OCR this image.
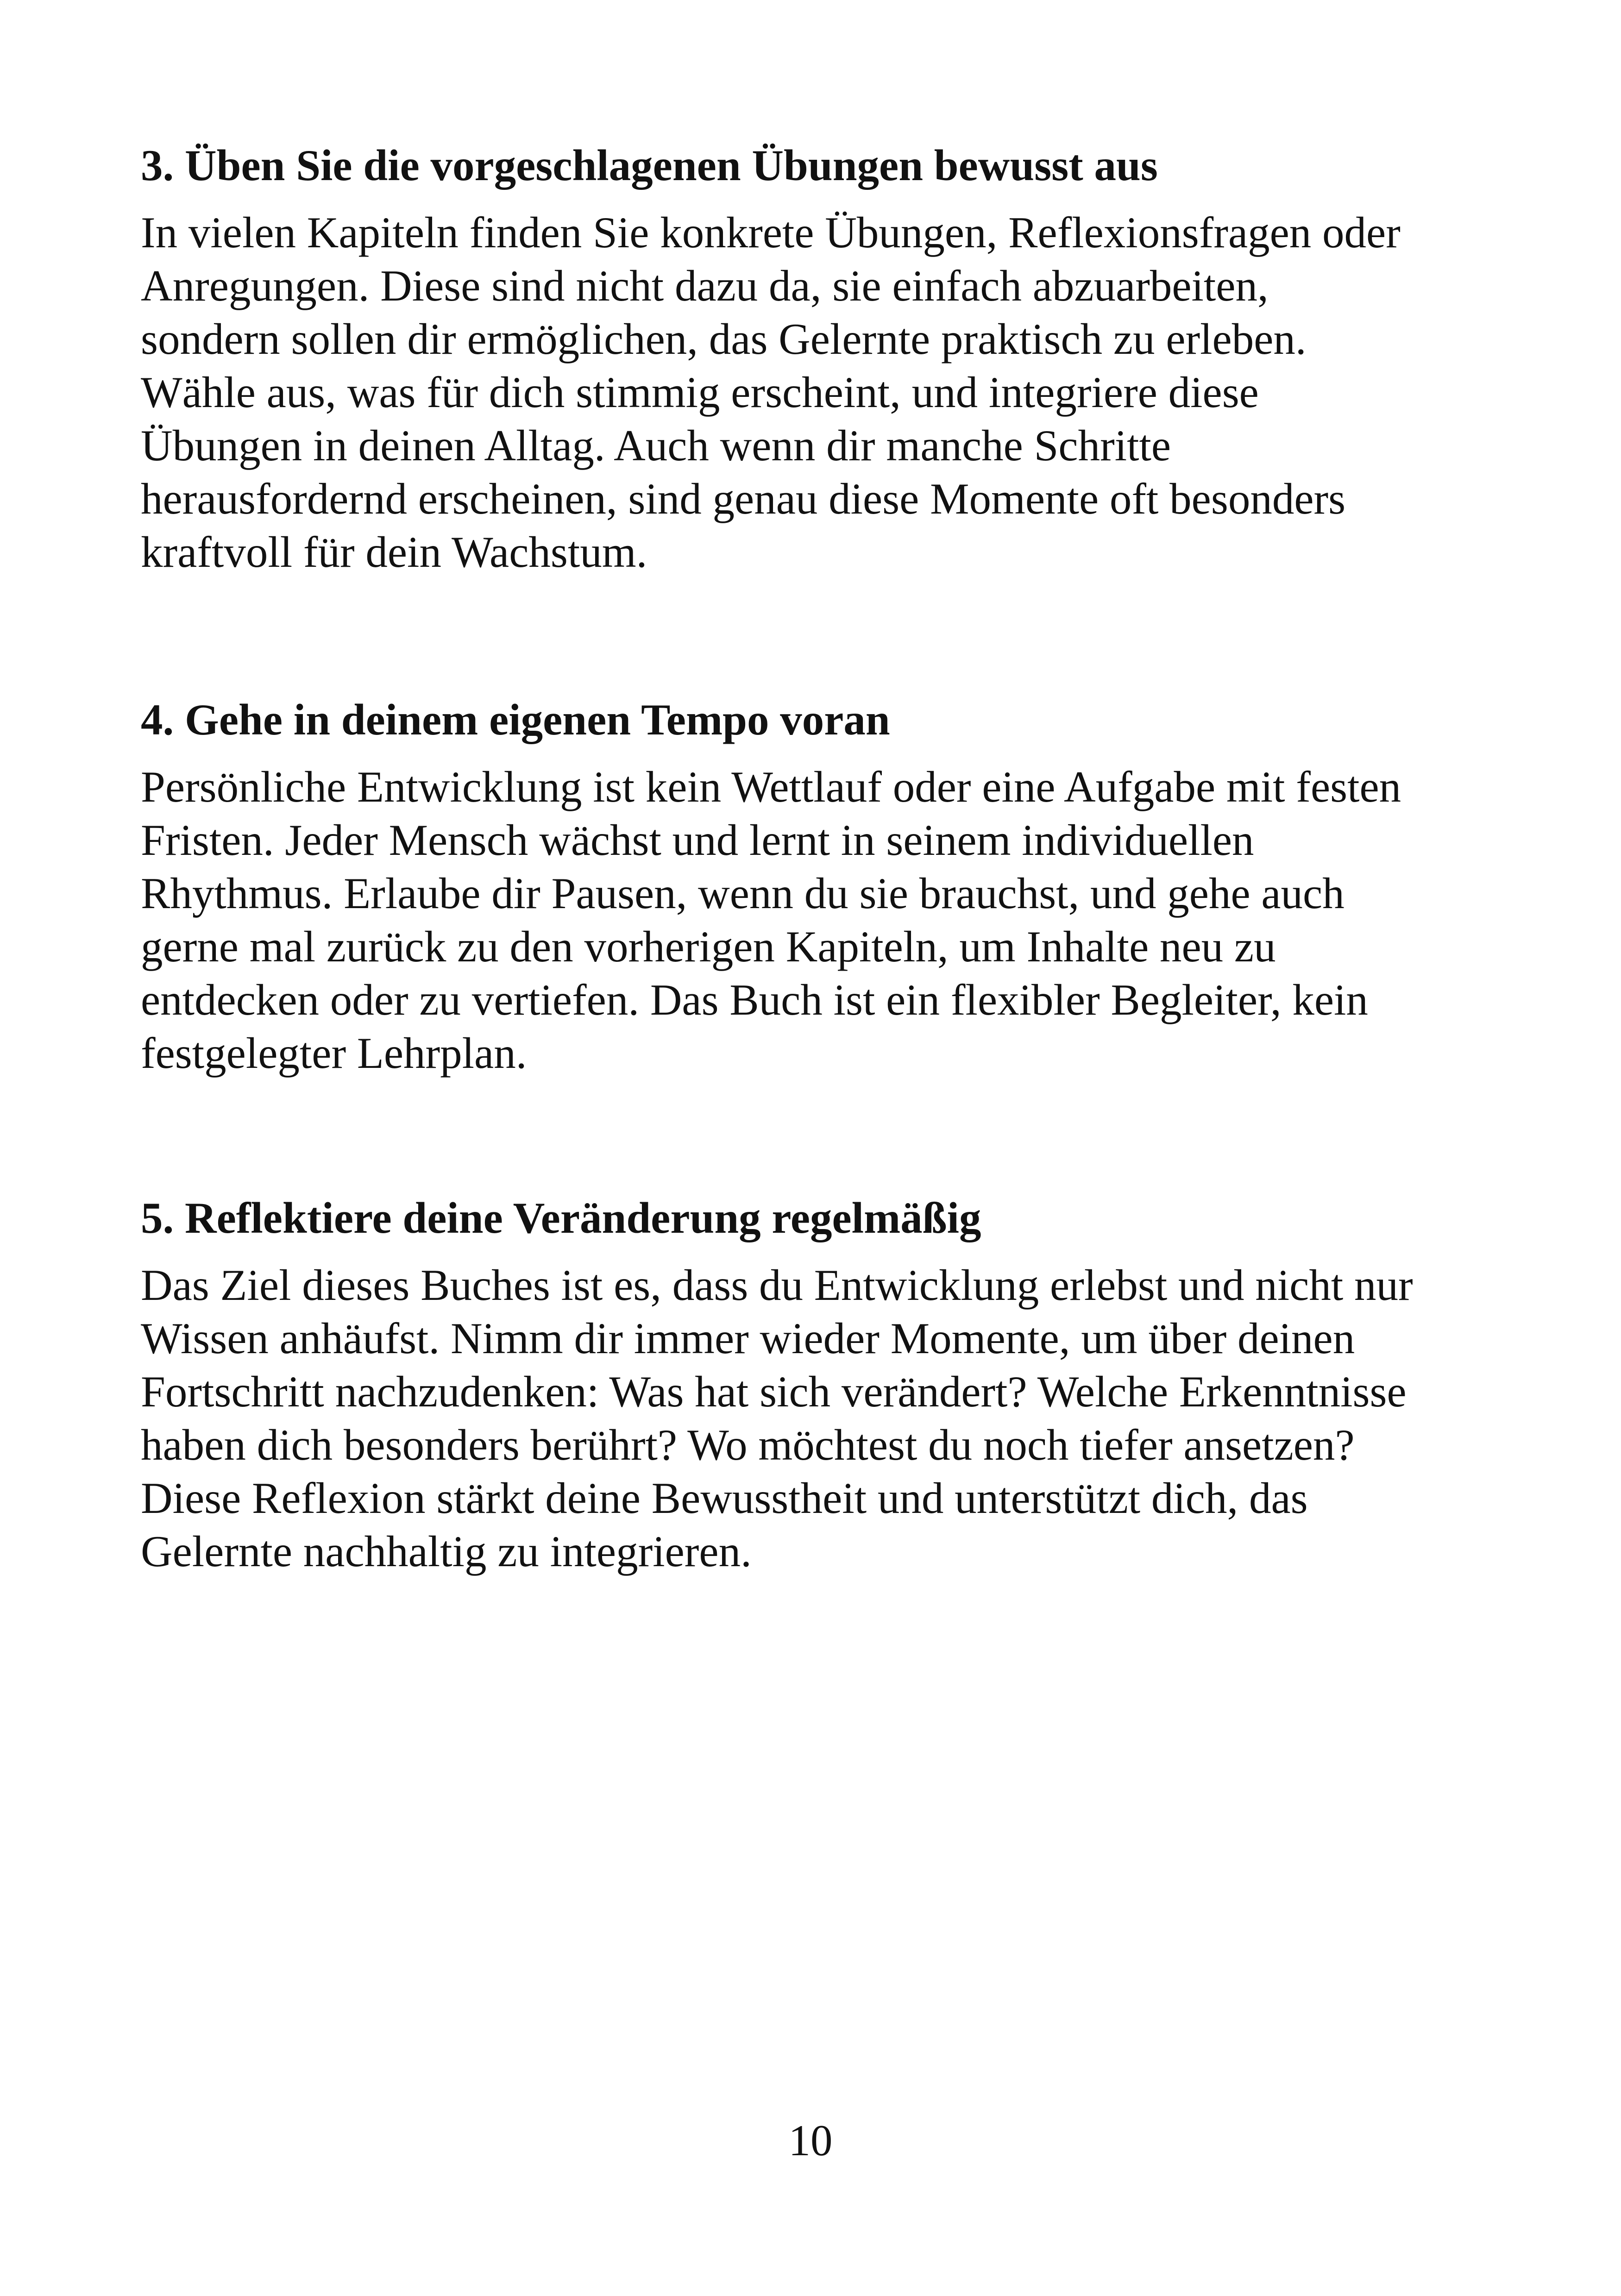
3. Üben Sie die vorgeschlagenen Übungen bewusst aus
In vielen Kapiteln finden Sie konkrete Übungen, Reflexionsfragen oder
Anregungen. Diese sind nicht dazu da, sie einfach abzuarbeiten,
sondern sollen dir ermöglichen, das Gelernte praktisch zu erleben.
Wähle aus, was für dich stimmig erscheint, und integriere diese
Übungen in deinen Alltag. Auch wenn dir manche Schritte
herausfordernd erscheinen, sind genau diese Momente oft besonders
kraftvoll für dein Wachstum.
4. Gehe in deinem eigenen Tempo voran
Persönliche Entwicklung ist kein Wettlauf oder eine Aufgabe mit festen
Fristen. Jeder Mensch wächst und lernt in seinem individuellen
Rhythmus. Erlaube dir Pausen, wenn du sie brauchst, und gehe auch
gerne mal zurück zu den vorherigen Kapiteln, um Inhalte neu zu
entdecken oder zu vertiefen. Das Buch ist ein flexibler Begleiter, kein
festgelegter Lehrplan.
5. Reflektiere deine Veränderung regelmäßig
Das Ziel dieses Buches ist es, dass du Entwicklung erlebst und nicht nur
Wissen anhäufst. Nimm dir immer wieder Momente, um über deinen
Fortschritt nachzudenken: Was hat sich verändert? Welche Erkenntnisse
haben dich besonders berührt? Wo möchtest du noch tiefer ansetzen?
Diese Reflexion stärkt deine Bewusstheit und unterstützt dich, das
Gelernte nachhaltig zu integrieren.
10
